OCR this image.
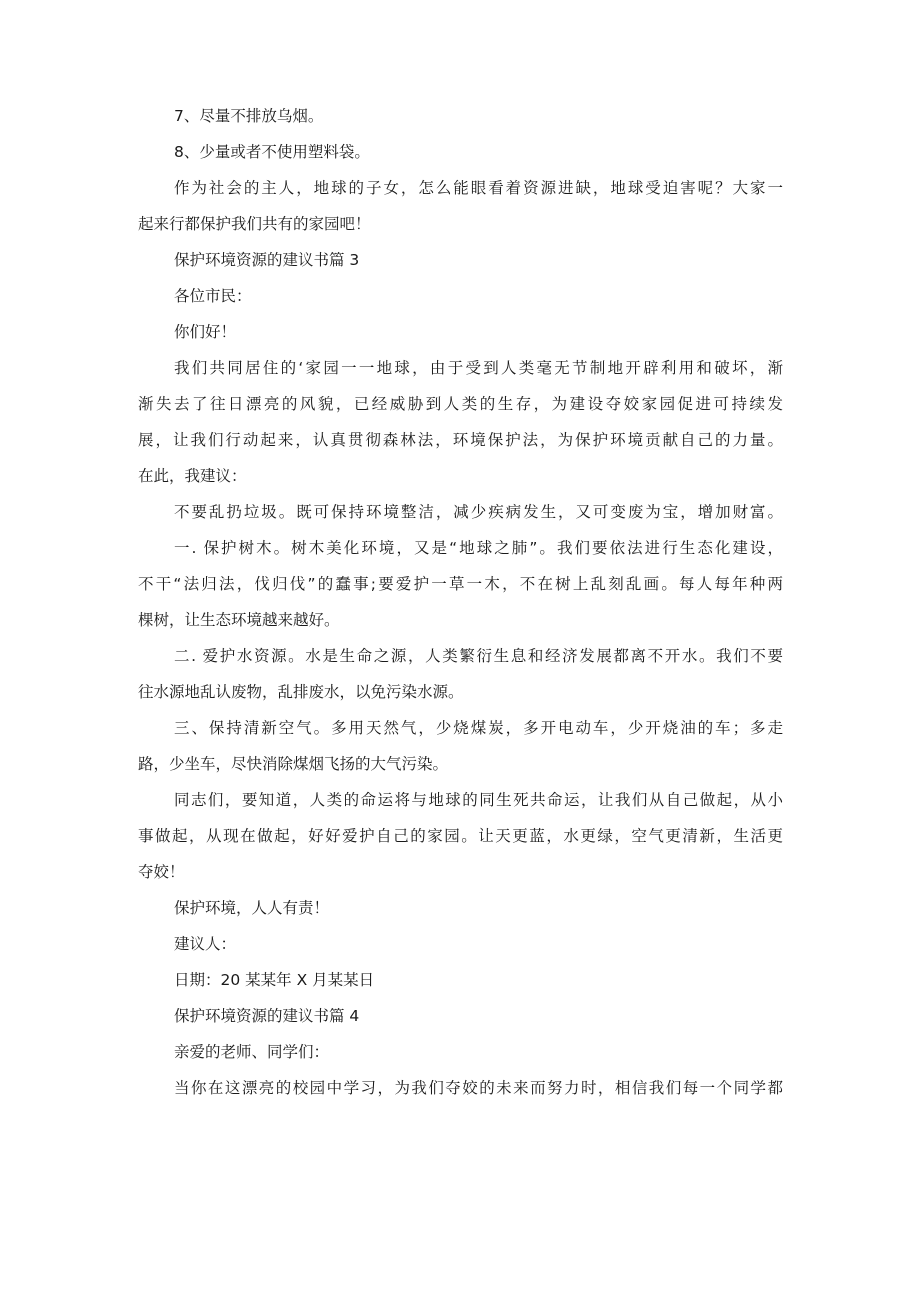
7、尽量不排放乌烟。
8、少量或者不使用塑料袋。
作为社会的主人，地球的子女，怎么能眼看着资源进缺，地球受迫害呢？大家一
起来行都保护我们共有的家园吧！
保护环境资源的建议书篇 3
各位市民：
你们好！
我们共同居住的‘家园一一地球，由于受到人类毫无节制地开辟利用和破坏，渐
渐失去了往日漂亮的风貌，已经威胁到人类的生存，为建设夺姣家园促进可持续发
展，让我们行动起来，认真贯彻森林法，环境保护法，为保护环境贡献自己的力量。
在此，我建议：
不要乱扔垃圾。既可保持环境整洁，减少疾病发生，又可变废为宝，增加财富。
一. 保护树木。树木美化环境，又是“地球之肺”。我们要依法进行生态化建设，
不干“法归法，伐归伐”的蠢事;要爱护一草一木，不在树上乱刻乱画。每人每年种两
棵树，让生态环境越来越好。
二. 爱护水资源。水是生命之源，人类繁衍生息和经济发展都离不开水。我们不要
往水源地乱认废物，乱排废水，以免污染水源。
三、保持清新空气。多用天然气，少烧煤炭，多开电动车，少开烧油的车；多走
路，少坐车，尽快消除煤烟飞扬的大气污染。
同志们，要知道，人类的命运将与地球的同生死共命运，让我们从自己做起，从小
事做起，从现在做起，好好爱护自己的家园。让天更蓝，水更绿，空气更清新，生活更
夺姣！
保护环境，人人有责！
建议人：
日期：20 某某年 X 月某某日
保护环境资源的建议书篇 4
亲爱的老师、同学们：
当你在这漂亮的校园中学习，为我们夺姣的未来而努力时，相信我们每一个同学都
